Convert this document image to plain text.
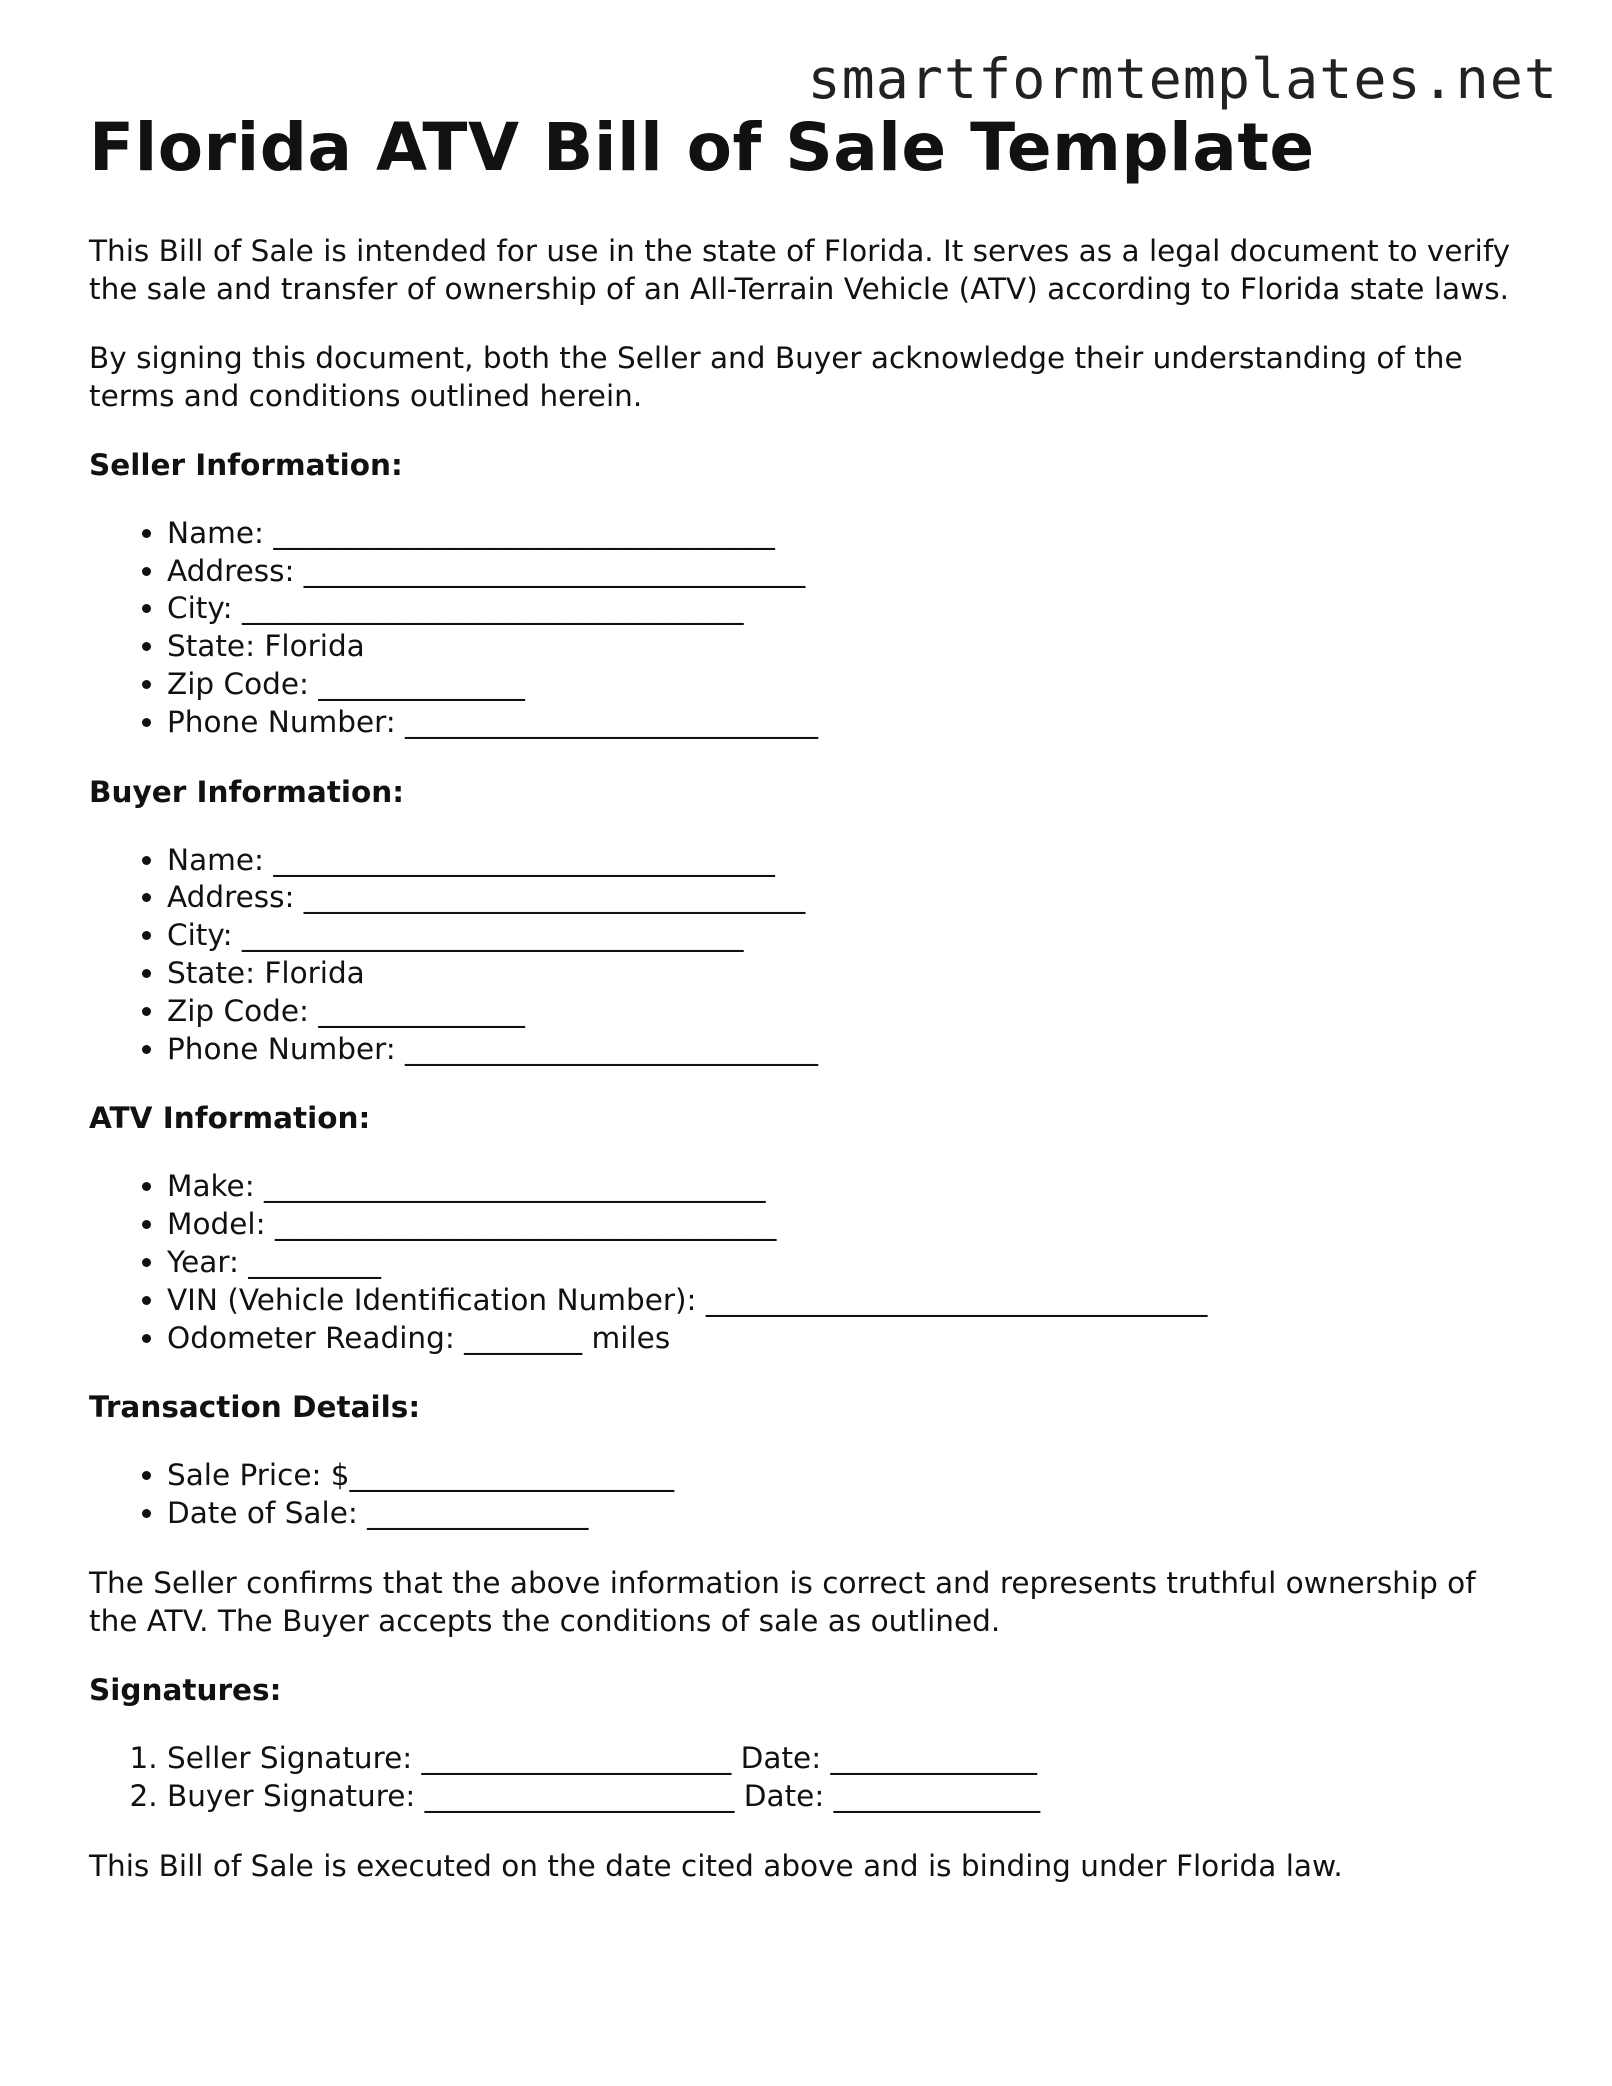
smartformtemplates.net
Florida ATV Bill of Sale Template

This Bill of Sale is intended for use in the state of Florida. It serves as a legal document to verify the sale and transfer of ownership of an All-Terrain Vehicle (ATV) according to Florida state laws.

By signing this document, both the Seller and Buyer acknowledge their understanding of the terms and conditions outlined herein.

Seller Information:
• Name: __________________________________
• Address: __________________________________
• City: __________________________________
• State: Florida
• Zip Code: ______________
• Phone Number: ____________________________
Buyer Information:
• Name: __________________________________
• Address: __________________________________
• City: __________________________________
• State: Florida
• Zip Code: ______________
• Phone Number: ____________________________
ATV Information:
• Make: __________________________________
• Model: __________________________________
• Year: _________
• VIN (Vehicle Identification Number): __________________________________
• Odometer Reading: ________ miles
Transaction Details:
• Sale Price: $______________________
• Date of Sale: _______________

The Seller confirms that the above information is correct and represents truthful ownership of the ATV. The Buyer accepts the conditions of sale as outlined.

Signatures:
1. Seller Signature: _____________________ Date: ______________
2. Buyer Signature: _____________________ Date: ______________

This Bill of Sale is executed on the date cited above and is binding under Florida law.
